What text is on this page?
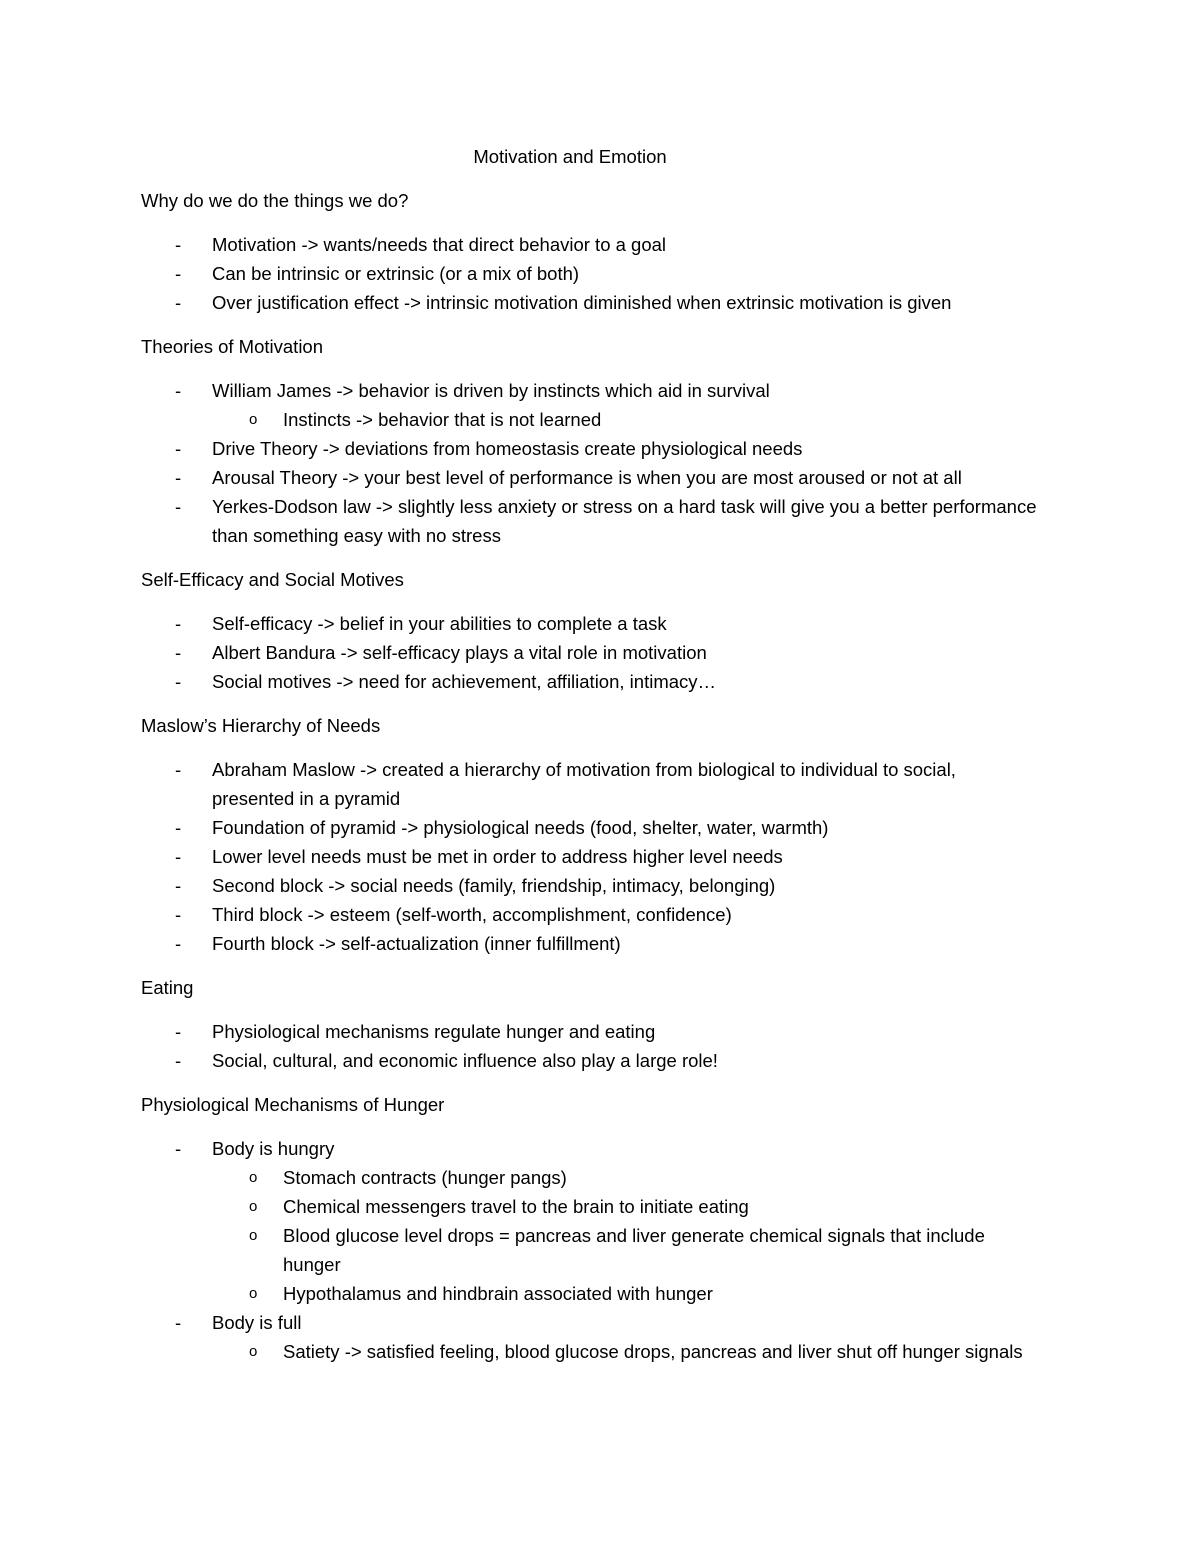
Motivation and Emotion
Why do we do the things we do?
- Motivation -> wants/needs that direct behavior to a goal
- Can be intrinsic or extrinsic (or a mix of both)
- Over justification effect -> intrinsic motivation diminished when extrinsic motivation is given
Theories of Motivation
- William James -> behavior is driven by instincts which aid in survival
o Instincts -> behavior that is not learned
- Drive Theory -> deviations from homeostasis create physiological needs
- Arousal Theory -> your best level of performance is when you are most aroused or not at all
- Yerkes-Dodson law -> slightly less anxiety or stress on a hard task will give you a better performance than something easy with no stress
Self-Efficacy and Social Motives
- Self-efficacy -> belief in your abilities to complete a task
- Albert Bandura -> self-efficacy plays a vital role in motivation
- Social motives -> need for achievement, affiliation, intimacy…
Maslow’s Hierarchy of Needs
- Abraham Maslow -> created a hierarchy of motivation from biological to individual to social, presented in a pyramid
- Foundation of pyramid -> physiological needs (food, shelter, water, warmth)
- Lower level needs must be met in order to address higher level needs
- Second block -> social needs (family, friendship, intimacy, belonging)
- Third block -> esteem (self-worth, accomplishment, confidence)
- Fourth block -> self-actualization (inner fulfillment)
Eating
- Physiological mechanisms regulate hunger and eating
- Social, cultural, and economic influence also play a large role!
Physiological Mechanisms of Hunger
- Body is hungry
o Stomach contracts (hunger pangs)
o Chemical messengers travel to the brain to initiate eating
o Blood glucose level drops = pancreas and liver generate chemical signals that include hunger
o Hypothalamus and hindbrain associated with hunger
- Body is full
o Satiety -> satisfied feeling, blood glucose drops, pancreas and liver shut off hunger signals
